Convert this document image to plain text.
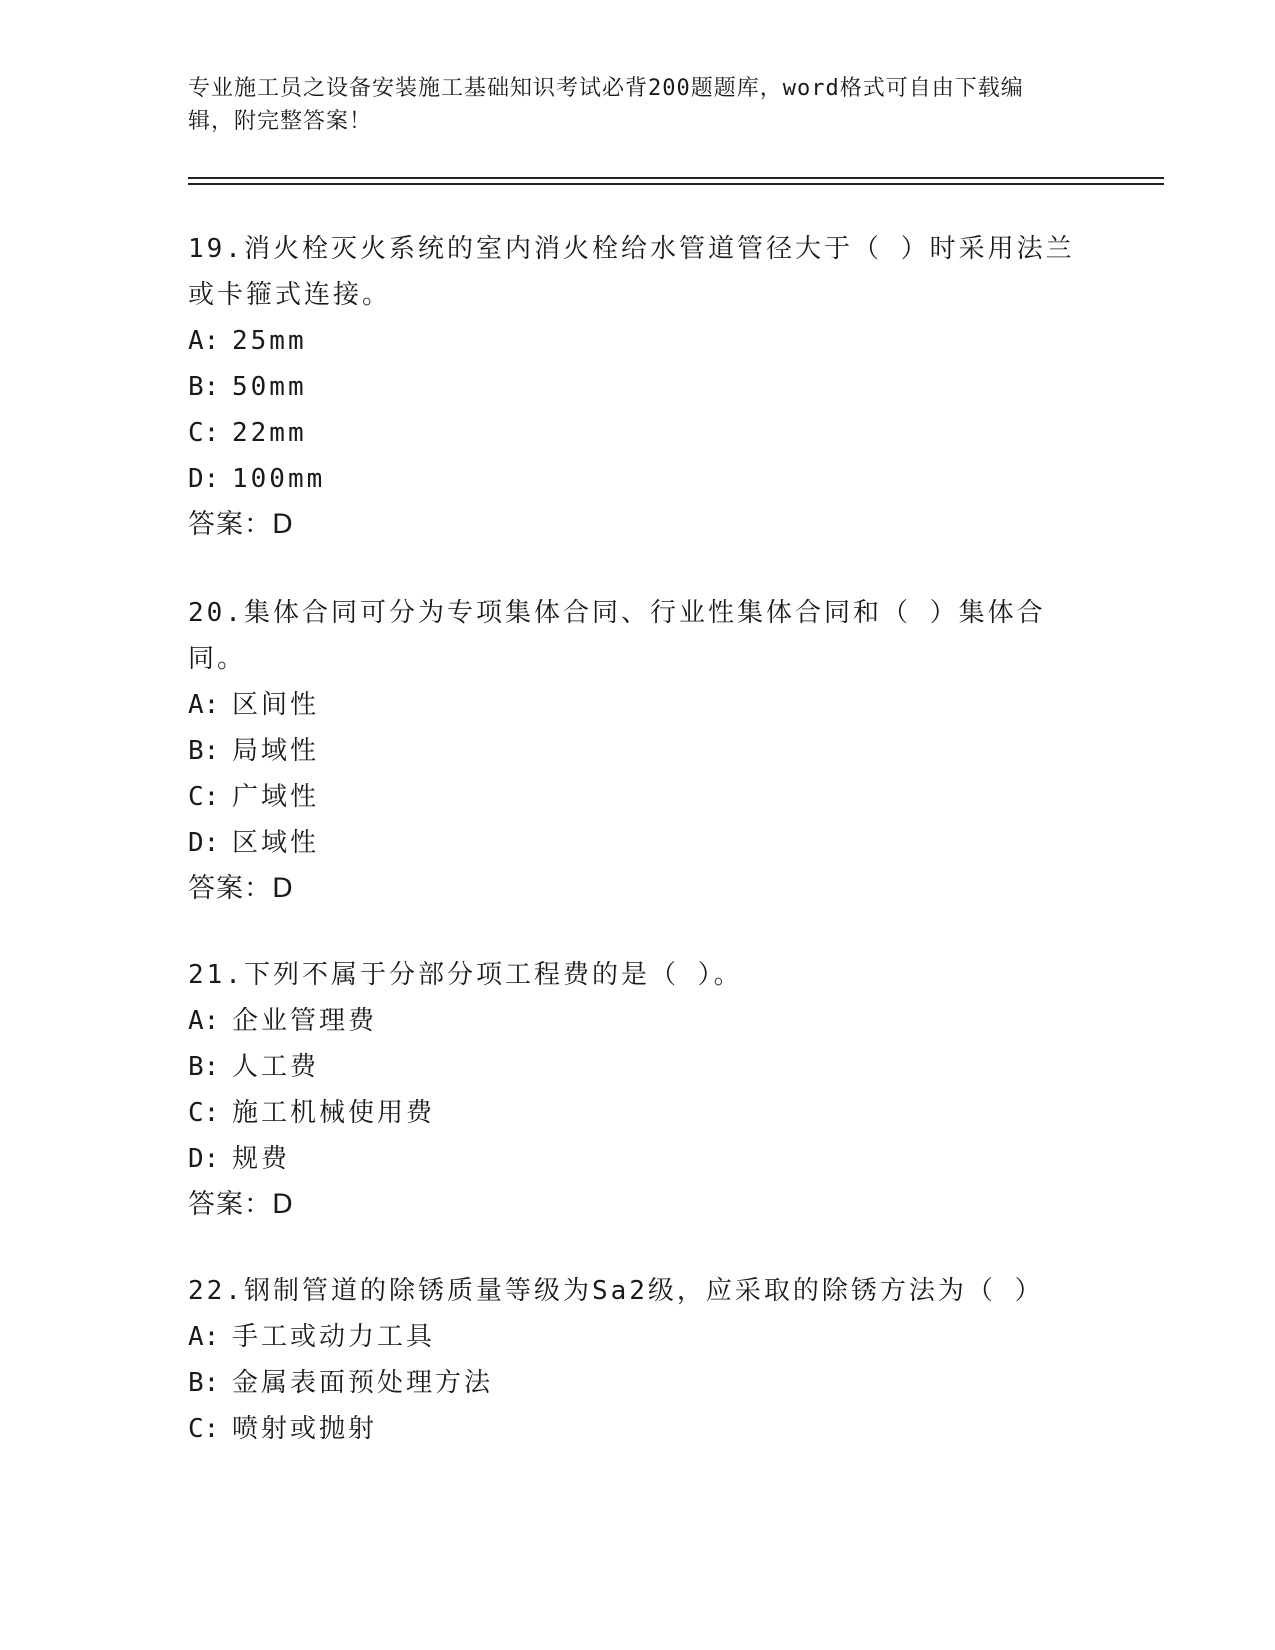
专业施工员之设备安装施工基础知识考试必背200题题库，word格式可自由下载编辑，附完整答案！

19.消火栓灭火系统的室内消火栓给水管道管径大于（ ）时采用法兰或卡箍式连接。

A: 25mm

B: 50mm

C: 22mm

D: 100mm

答案：D

20.集体合同可分为专项集体合同、行业性集体合同和（ ）集体合同。

A: 区间性

B: 局域性

C: 广域性

D: 区域性

答案：D

21.下列不属于分部分项工程费的是（ ）。

A: 企业管理费

B: 人工费

C: 施工机械使用费

D: 规费

答案：D

22.钢制管道的除锈质量等级为Sa2级，应采取的除锈方法为（ ）

A: 手工或动力工具

B: 金属表面预处理方法

C: 喷射或抛射
